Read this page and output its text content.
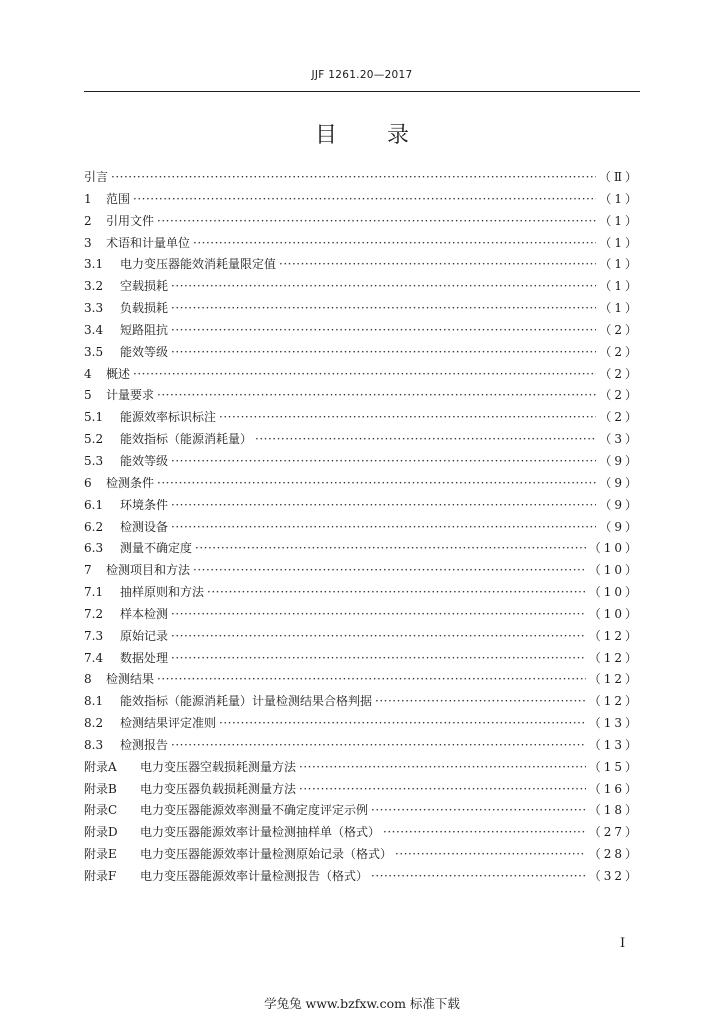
JJF 1261.20—2017
目录
引言 ·····	（Ⅱ）
1	范围 ·····	（1）
2	引用文件 ·····	（1）
3	术语和计量单位 ·····	（1）
3.1	电力变压器能效消耗量限定值 ·····	（1）
3.2	空载损耗 ·····	（1）
3.3	负载损耗 ·····	（1）
3.4	短路阻抗 ·····	（2）
3.5	能效等级 ·····	（2）
4	概述 ·····	（2）
5	计量要求 ·····	（2）
5.1	能源效率标识标注 ·····	（2）
5.2	能效指标（能源消耗量） ·····	（3）
5.3	能效等级 ·····	（9）
6	检测条件 ·····	（9）
6.1	环境条件 ·····	（9）
6.2	检测设备 ·····	（9）
6.3	测量不确定度 ·····	（10）
7	检测项目和方法 ·····	（10）
7.1	抽样原则和方法 ·····	（10）
7.2	样本检测 ·····	（10）
7.3	原始记录 ·····	（12）
7.4	数据处理 ·····	（12）
8	检测结果 ·····	（12）
8.1	能效指标（能源消耗量）计量检测结果合格判据 ·····	（12）
8.2	检测结果评定准则 ·····	（13）
8.3	检测报告 ·····	（13）
附录A	电力变压器空载损耗测量方法 ·····	（15）
附录B	电力变压器负载损耗测量方法 ·····	（16）
附录C	电力变压器能源效率测量不确定度评定示例 ·····	（18）
附录D	电力变压器能源效率计量检测抽样单（格式） ·····	（27）
附录E	电力变压器能源效率计量检测原始记录（格式） ·····	（28）
附录F	电力变压器能源效率计量检测报告（格式） ·····	（32）
I
学兔兔 www.bzfxw.com 标准下载
